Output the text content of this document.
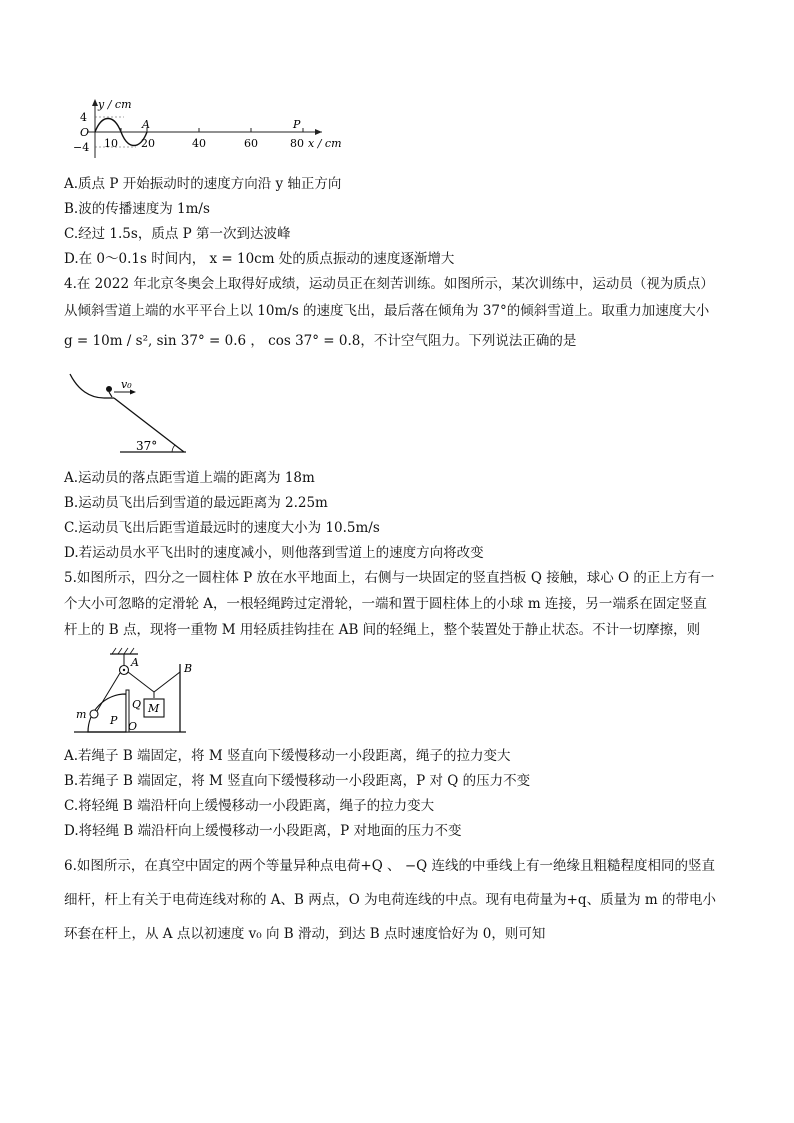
y / cm
x / cm
4
O
−4 10 20	40	60	80
A	P
A.质点 P 开始振动时的速度方向沿 y 轴正方向
B.波的传播速度为 1m/s
C.经过 1.5s，质点 P 第一次到达波峰
D.在 0～0.1s 时间内， x = 10cm 处的质点振动的速度逐渐增大
4.在 2022 年北京冬奥会上取得好成绩，运动员正在刻苦训练。如图所示，某次训练中，运动员（视为质点）
从倾斜雪道上端的水平平台上以 10m/s 的速度飞出，最后落在倾角为 37°的倾斜雪道上。取重力加速度大小
g = 10m / s², sin 37° = 0.6 ， cos 37° = 0.8，不计空气阻力。下列说法正确的是
v₀
37°
A.运动员的落点距雪道上端的距离为 18m
B.运动员飞出后到雪道的最远距离为 2.25m
C.运动员飞出后距雪道最远时的速度大小为 10.5m/s
D.若运动员水平飞出时的速度减小，则他落到雪道上的速度方向将改变
5.如图所示，四分之一圆柱体 P 放在水平地面上，右侧与一块固定的竖直挡板 Q 接触，球心 O 的正上方有一
个大小可忽略的定滑轮 A，一根轻绳跨过定滑轮，一端和置于圆柱体上的小球 m 连接，另一端系在固定竖直
杆上的 B 点，现将一重物 M 用轻质挂钩挂在 AB 间的轻绳上，整个装置处于静止状态。不计一切摩擦，则
A	B
M
m P
Q
O
A.若绳子 B 端固定，将 M 竖直向下缓慢移动一小段距离，绳子的拉力变大
B.若绳子 B 端固定，将 M 竖直向下缓慢移动一小段距离，P 对 Q 的压力不变
C.将轻绳 B 端沿杆向上缓慢移动一小段距离，绳子的拉力变大
D.将轻绳 B 端沿杆向上缓慢移动一小段距离，P 对地面的压力不变
6.如图所示，在真空中固定的两个等量异种点电荷+Q 、 −Q 连线的中垂线上有一绝缘且粗糙程度相同的竖直
细杆，杆上有关于电荷连线对称的 A、B 两点，O 为电荷连线的中点。现有电荷量为+q、质量为 m 的带电小
环套在杆上，从 A 点以初速度 v₀ 向 B 滑动，到达 B 点时速度恰好为 0，则可知
